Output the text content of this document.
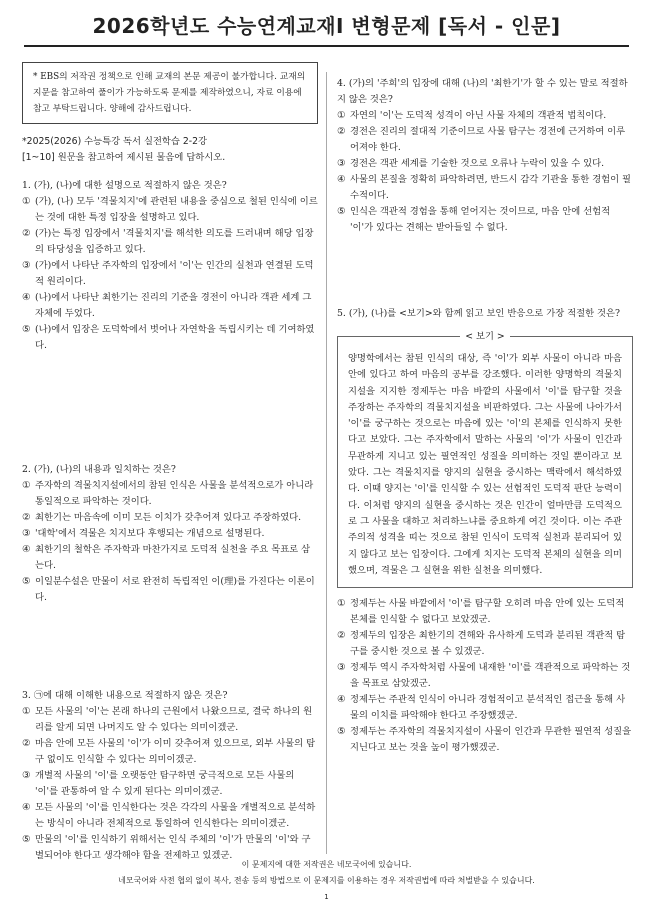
2026학년도 수능연계교재Ⅰ 변형문제 [독서 - 인문]
* EBS의 저작권 정책으로 인해 교재의 본문 제공이 불가합니다. 교재의 지문을 참고하여 풀이가 가능하도록 문제를 제작하였으니, 자료 이용에 참고 부탁드립니다. 양해에 감사드립니다.
*2025(2026) 수능특강 독서 실전학습 2-2강
[1~10] 원문을 참고하여 제시된 물음에 답하시오.
1. (가), (나)에 대한 설명으로 적절하지 않은 것은?
① (가), (나) 모두 '격물치지'에 관련된 내용을 중심으로 철된 인식에 이르는 것에 대한 특정 입장을 설명하고 있다.
② (가)는 특정 입장에서 '격물치지'를 해석한 의도를 드러내며 해당 입장의 타당성을 입증하고 있다.
③ (가)에서 나타난 주자학의 입장에서 '이'는 인간의 실천과 연결된 도덕적 원리이다.
④ (나)에서 나타난 최한기는 진리의 기준을 경전이 아니라 객관 세계 그 자체에 두었다.
⑤ (나)에서 입장은 도덕학에서 벗어나 자연학을 독립시키는 데 기여하였다.
2. (가), (나)의 내용과 일치하는 것은?
① 주자학의 격물치지설에서의 참된 인식은 사물을 분석적으로가 아니라 통일적으로 파악하는 것이다.
② 최한기는 마음속에 이미 모든 이치가 갖추어져 있다고 주장하였다.
③ '대학'에서 격물은 치지보다 후행되는 개념으로 설명된다.
④ 최한기의 철학은 주자학과 마찬가지로 도덕적 실천을 주요 목표로 삼는다.
⑤ 이일분수설은 만물이 서로 완전히 독립적인 이(理)를 가진다는 이론이다.
3. ㉠에 대해 이해한 내용으로 적절하지 않은 것은?
① 모든 사물의 '이'는 본래 하나의 근원에서 나왔으므로, 결국 하나의 원리를 알게 되면 나머지도 알 수 있다는 의미이겠군.
② 마음 안에 모든 사물의 '이'가 이미 갖추어져 있으므로, 외부 사물의 탐구 없이도 인식할 수 있다는 의미이겠군.
③ 개별적 사물의 '이'를 오랫동안 탐구하면 궁극적으로 모든 사물의 '이'를 관통하여 알 수 있게 된다는 의미이겠군.
④ 모든 사물의 '이'를 인식한다는 것은 각각의 사물을 개별적으로 분석하는 방식이 아니라 전체적으로 통일하여 인식한다는 의미이겠군.
⑤ 만물의 '이'를 인식하기 위해서는 인식 주체의 '이'가 만물의 '이'와 구별되어야 한다고 생각해야 함을 전제하고 있겠군.
4. (가)의 '주희'의 입장에 대해 (나)의 '최한기'가 할 수 있는 말로 적절하지 않은 것은?
① 자연의 '이'는 도덕적 성격이 아닌 사물 자체의 객관적 법칙이다.
② 경전은 진리의 절대적 기준이므로 사물 탐구는 경전에 근거하여 이루어져야 한다.
③ 경전은 객관 세계를 기술한 것으로 오류나 누락이 있을 수 있다.
④ 사물의 본질을 정확히 파악하려면, 반드시 감각 기관을 통한 경험이 필수적이다.
⑤ 인식은 객관적 경험을 통해 얻어지는 것이므로, 마음 안에 선험적 '이'가 있다는 견해는 받아들일 수 없다.
5. (가), (나)를 <보기>와 함께 읽고 보인 반응으로 가장 적절한 것은?
< 보기 >
양명학에서는 참된 인식의 대상, 즉 '이'가 외부 사물이 아니라 마음 안에 있다고 하여 마음의 공부를 강조했다. 이러한 양명학의 격물치지설을 지지한 정제두는 마음 바깥의 사물에서 '이'를 탐구할 것을 주장하는 주자학의 격물치지설을 비판하였다. 그는 사물에 나아가서 '이'를 궁구하는 것으로는 마음에 있는 '이'의 본체를 인식하지 못한다고 보았다. 그는 주자학에서 말하는 사물의 '이'가 사물이 인간과 무관하게 지니고 있는 필연적인 성질을 의미하는 것일 뿐이라고 보았다. 그는 격물치지를 양지의 실현을 중시하는 맥락에서 해석하였다. 이때 양지는 '이'를 인식할 수 있는 선험적인 도덕적 판단 능력이다. 이처럼 양지의 실현을 중시하는 것은 인간이 얼마만큼 도덕적으로 그 사물을 대하고 처리하느냐를 중요하게 여긴 것이다. 이는 주관주의적 성격을 띠는 것으로 참된 인식이 도덕적 실천과 분리되어 있지 않다고 보는 입장이다. 그에게 치지는 도덕적 본체의 실현을 의미했으며, 격물은 그 실현을 위한 실천을 의미했다.
① 정제두는 사물 바깥에서 '이'를 탐구할 오히려 마음 안에 있는 도덕적 본체를 인식할 수 없다고 보았겠군.
② 정제두의 입장은 최한기의 견해와 유사하게 도덕과 분리된 객관적 탐구를 중시한 것으로 볼 수 있겠군.
③ 정제두 역시 주자학처럼 사물에 내재한 '이'를 객관적으로 파악하는 것을 목표로 삼았겠군.
④ 정제두는 주관적 인식이 아니라 경험적이고 분석적인 접근을 통해 사물의 이치를 파악해야 한다고 주장했겠군.
⑤ 정제두는 주자학의 격물치지설이 사물이 인간과 무관한 필연적 성질을 지닌다고 보는 것을 높이 평가했겠군.
이 문제지에 대한 저작권은 네모국어에 있습니다.
네모국어와 사전 협의 없이 복사, 전송 등의 방법으로 이 문제지를 이용하는 경우 저작권법에 따라 처벌받을 수 있습니다.
1
